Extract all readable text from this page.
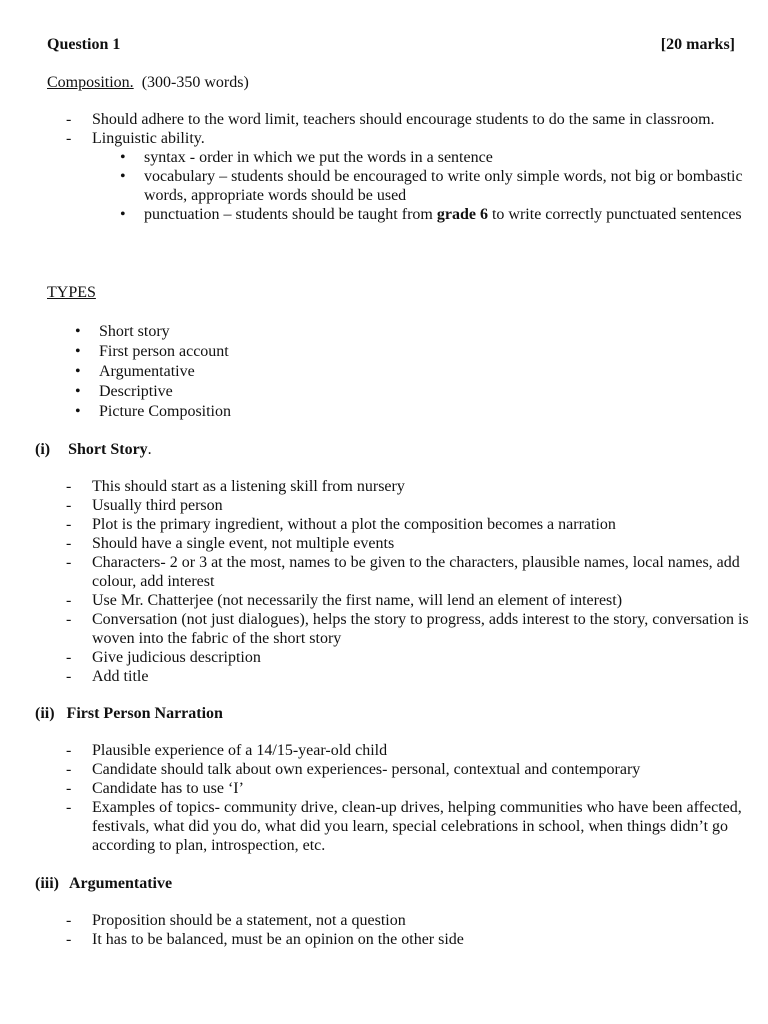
Question 1	[20 marks]
Composition. (300-350 words)
- Should adhere to the word limit, teachers should encourage students to do the same in classroom.
- Linguistic ability.
• syntax - order in which we put the words in a sentence
• vocabulary – students should be encouraged to write only simple words, not big or bombastic words, appropriate words should be used
• punctuation – students should be taught from grade 6 to write correctly punctuated sentences
TYPES
• Short story
• First person account
• Argumentative
• Descriptive
• Picture Composition
(i) Short Story.
- This should start as a listening skill from nursery
- Usually third person
- Plot is the primary ingredient, without a plot the composition becomes a narration
- Should have a single event, not multiple events
- Characters- 2 or 3 at the most, names to be given to the characters, plausible names, local names, add colour, add interest
- Use Mr. Chatterjee (not necessarily the first name, will lend an element of interest)
- Conversation (not just dialogues), helps the story to progress, adds interest to the story, conversation is woven into the fabric of the short story
- Give judicious description
- Add title
(ii) First Person Narration
- Plausible experience of a 14/15-year-old child
- Candidate should talk about own experiences- personal, contextual and contemporary
- Candidate has to use ‘I’
- Examples of topics- community drive, clean-up drives, helping communities who have been affected, festivals, what did you do, what did you learn, special celebrations in school, when things didn’t go according to plan, introspection, etc.
(iii) Argumentative
- Proposition should be a statement, not a question
- It has to be balanced, must be an opinion on the other side
